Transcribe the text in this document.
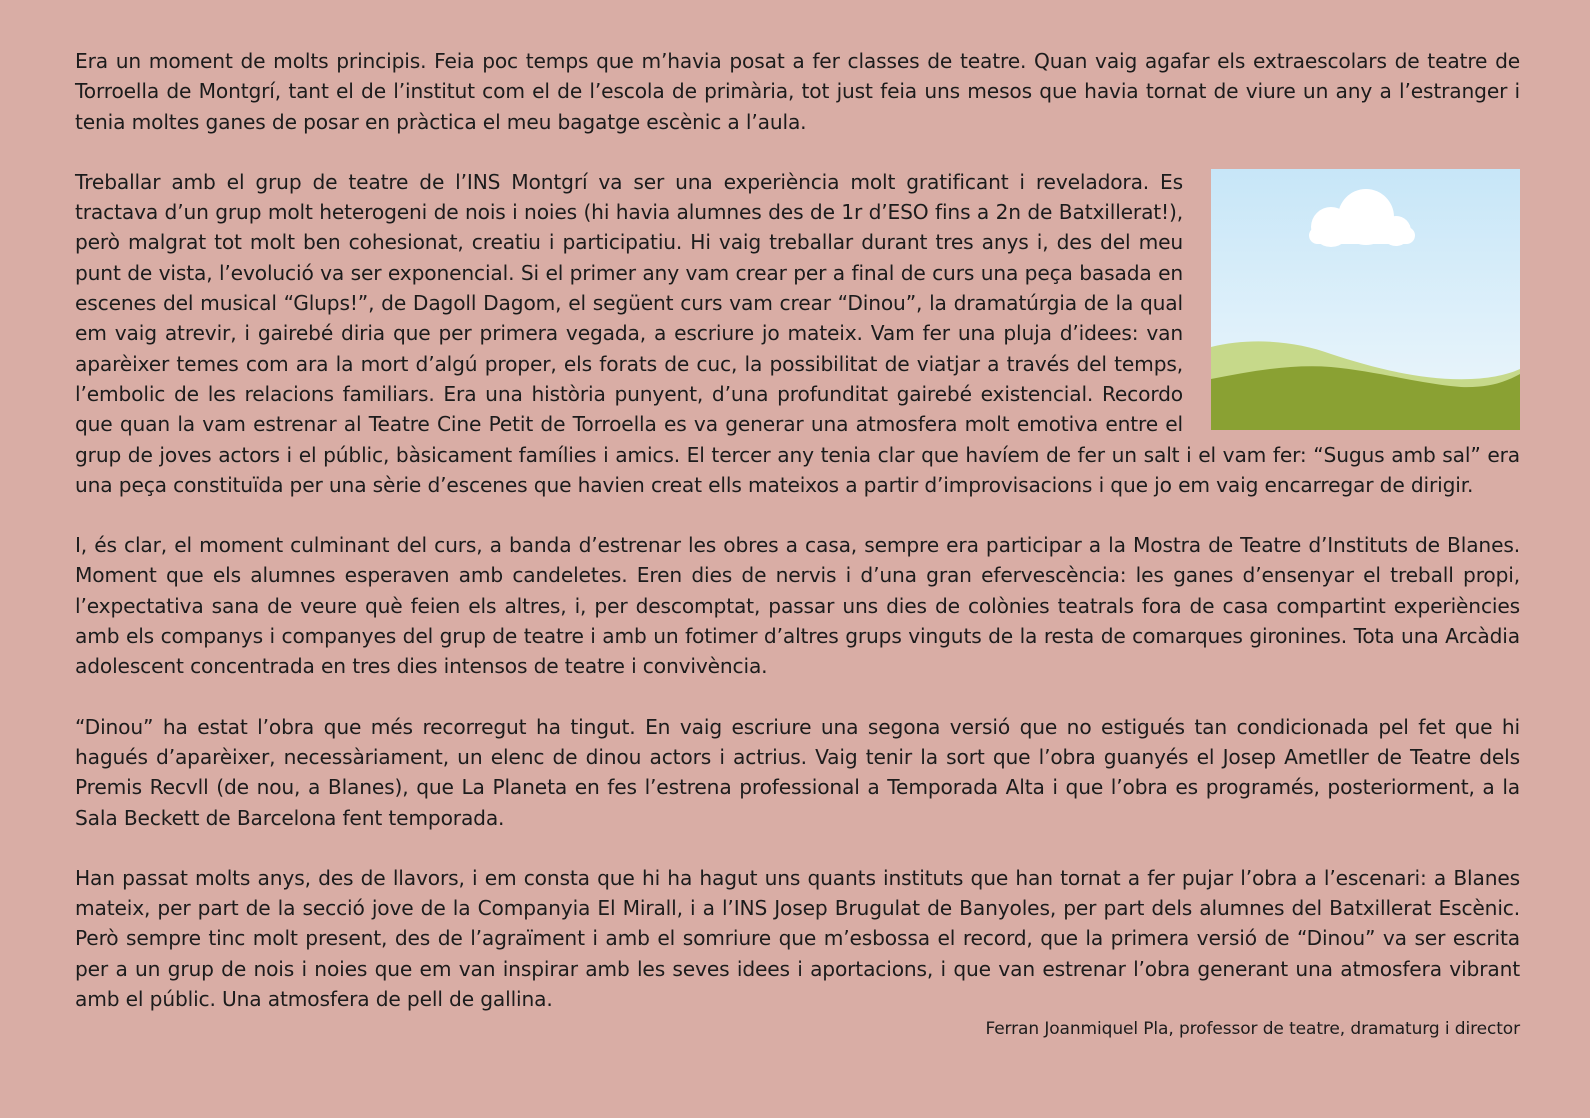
Era un moment de molts principis. Feia poc temps que m’havia posat a fer classes de teatre. Quan vaig agafar els extraescolars de teatre de Torroella de Montgrí, tant el de l’institut com el de l’escola de primària, tot just feia uns mesos que havia tornat de viure un any a l’estranger i tenia moltes ganes de posar en pràctica el meu bagatge escènic a l’aula.

Treballar amb el grup de teatre de l’INS Montgrí va ser una experiència molt gratificant i reveladora. Es tractava d’un grup molt heterogeni de nois i noies (hi havia alumnes des de 1r d’ESO fins a 2n de Batxillerat!), però malgrat tot molt ben cohesionat, creatiu i participatiu. Hi vaig treballar durant tres anys i, des del meu punt de vista, l’evolució va ser exponencial. Si el primer any vam crear per a final de curs una peça basada en escenes del musical “Glups!”, de Dagoll Dagom, el següent curs vam crear “Dinou”, la dramatúrgia de la qual em vaig atrevir, i gairebé diria que per primera vegada, a escriure jo mateix. Vam fer una pluja d’idees: van aparèixer temes com ara la mort d’algú proper, els forats de cuc, la possibilitat de viatjar a través del temps, l’embolic de les relacions familiars. Era una història punyent, d’una profunditat gairebé existencial. Recordo que quan la vam estrenar al Teatre Cine Petit de Torroella es va generar una atmosfera molt emotiva entre el grup de joves actors i el públic, bàsicament famílies i amics. El tercer any tenia clar que havíem de fer un salt i el vam fer: “Sugus amb sal” era una peça constituïda per una sèrie d’escenes que havien creat ells mateixos a partir d’improvisacions i que jo em vaig encarregar de dirigir.

I, és clar, el moment culminant del curs, a banda d’estrenar les obres a casa, sempre era participar a la Mostra de Teatre d’Instituts de Blanes. Moment que els alumnes esperaven amb candeletes. Eren dies de nervis i d’una gran efervescència: les ganes d’ensenyar el treball propi, l’expectativa sana de veure què feien els altres, i, per descomptat, passar uns dies de colònies teatrals fora de casa compartint experiències amb els companys i companyes del grup de teatre i amb un fotimer d’altres grups vinguts de la resta de comarques gironines. Tota una Arcàdia adolescent concentrada en tres dies intensos de teatre i convivència.

“Dinou” ha estat l’obra que més recorregut ha tingut. En vaig escriure una segona versió que no estigués tan condicionada pel fet que hi hagués d’aparèixer, necessàriament, un elenc de dinou actors i actrius. Vaig tenir la sort que l’obra guanyés el Josep Ametller de Teatre dels Premis Recvll (de nou, a Blanes), que La Planeta en fes l’estrena professional a Temporada Alta i que l’obra es programés, posteriorment, a la Sala Beckett de Barcelona fent temporada.

Han passat molts anys, des de llavors, i em consta que hi ha hagut uns quants instituts que han tornat a fer pujar l’obra a l’escenari: a Blanes mateix, per part de la secció jove de la Companyia El Mirall, i a l’INS Josep Brugulat de Banyoles, per part dels alumnes del Batxillerat Escènic. Però sempre tinc molt present, des de l’agraïment i amb el somriure que m’esbossa el record, que la primera versió de “Dinou” va ser escrita per a un grup de nois i noies que em van inspirar amb les seves idees i aportacions, i que van estrenar l’obra generant una atmosfera vibrant amb el públic. Una atmosfera de pell de gallina.

Ferran Joanmiquel Pla, professor de teatre, dramaturg i director
